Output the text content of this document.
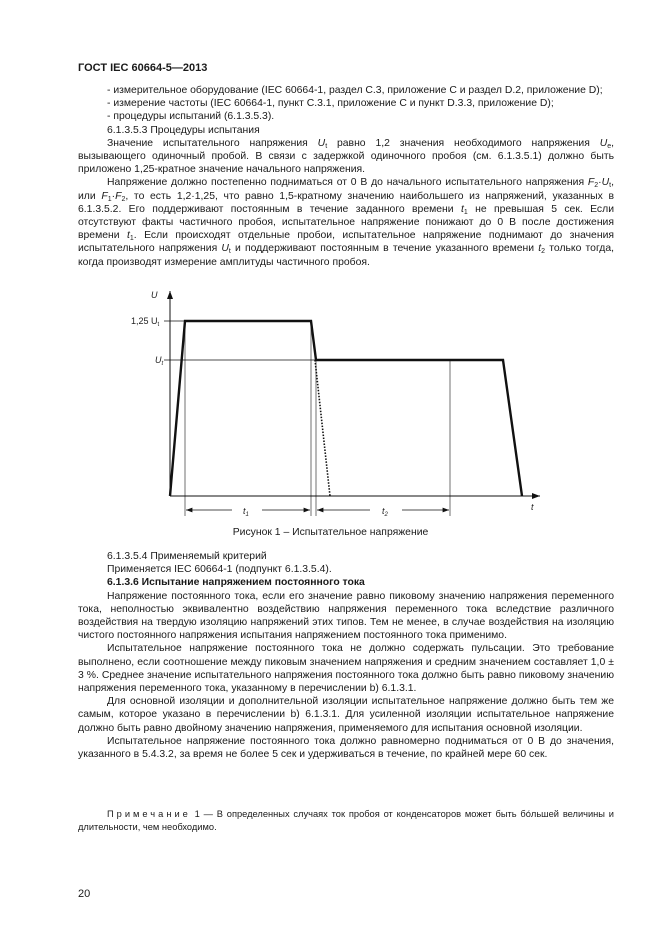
ГОСТ IEC 60664-5—2013

- измерительное оборудование (IEC 60664-1, раздел C.3, приложение C и раздел D.2, приложение D);

- измерение частоты (IEC 60664-1, пункт C.3.1, приложение C и пункт D.3.3, приложение D);

- процедуры испытаний (6.1.3.5.3).

6.1.3.5.3 Процедуры испытания

Значение испытательного напряжения $U_t$ равно 1,2 значения необходимого напряжения $U_e$, вызывающего одиночный пробой. В связи с задержкой одиночного пробоя (см. 6.1.3.5.1) должно быть приложено 1,25-кратное значение начального напряжения.

Напряжение должно постепенно подниматься от 0 В до начального испытательного напряжения $F_2\cdot U_t$, или $F_1\cdot F_2$, то есть 1,2·1,25, что равно 1,5-кратному значению наибольшего из напряжений, указанных в 6.1.3.5.2. Его поддерживают постоянным в течение заданного времени $t_1$ не превышая 5 сек. Если отсутствуют факты частичного пробоя, испытательное напряжение понижают до 0 В после достижения времени $t_1$. Если происходят отдельные пробои, испытательное напряжение поднимают до значения испытательного напряжения $U_t$ и поддерживают постоянным в течение указанного времени $t_2$ только тогда, когда производят измерение амплитуды частичного пробоя.

U
t
1,25 $U_t$
$U_t$
$t_1$	$t_2$
Рисунок 1 – Испытательное напряжение

6.1.3.5.4 Применяемый критерий

Применяется IEC 60664-1 (подпункт 6.1.3.5.4).

6.1.3.6 Испытание напряжением постоянного тока

Напряжение постоянного тока, если его значение равно пиковому значению напряжения переменного тока, неполностью эквивалентно воздействию напряжения переменного тока вследствие различного воздействия на твердую изоляцию напряжений этих типов. Тем не менее, в случае воздействия на изоляцию чистого постоянного напряжения испытания напряжением постоянного тока применимо.

Испытательное напряжение постоянного тока не должно содержать пульсации. Это требование выполнено, если соотношение между пиковым значением напряжения и средним значением составляет 1,0 ± 3 %. Среднее значение испытательного напряжения постоянного тока должно быть равно пиковому значению напряжения переменного тока, указанному в перечислении b) 6.1.3.1.

Для основной изоляции и дополнительной изоляции испытательное напряжение должно быть тем же самым, которое указано в перечислении b) 6.1.3.1. Для усиленной изоляции испытательное напряжение должно быть равно двойному значению напряжения, применяемого для испытания основной изоляции.

Испытательное напряжение постоянного тока должно равномерно подниматься от 0 В до значения, указанного в 5.4.3.2, за время не более 5 сек и удерживаться в течение, по крайней мере 60 сек.

Примечание 1 — В определенных случаях ток пробоя от конденсаторов может быть бóльшей величины и длительности, чем необходимо.

20
